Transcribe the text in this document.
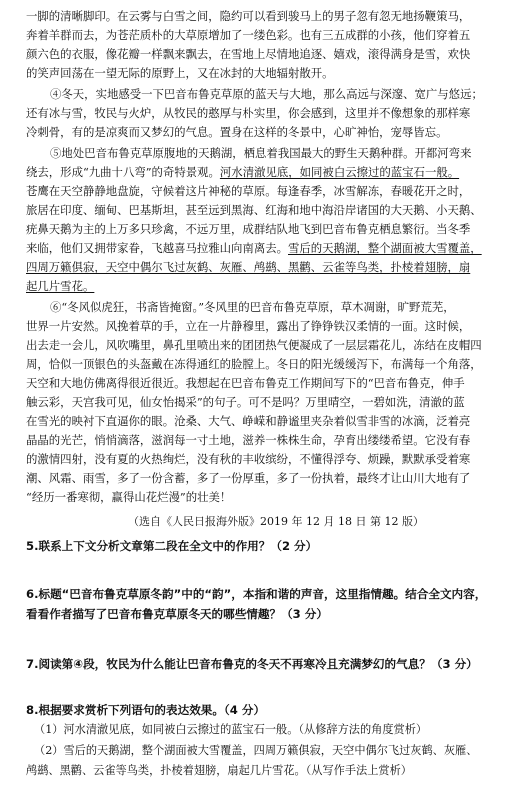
一脚的清晰脚印。在云雾与白雪之间，隐约可以看到骏马上的男子忽有忽无地扬鞭策马，
奔着羊群而去，为苍茫质朴的大草原增加了一缕色彩。也有三五成群的小孩，他们穿着五
颜六色的衣服，像花瓣一样飘来飘去，在雪地上尽情地追逐、嬉戏，滚得满身是雪，欢快
的笑声回荡在一望无际的原野上，又在冰封的大地辐射散开。
④冬天，实地感受一下巴音布鲁克草原的蓝天与大地，那么高远与深邃、宽广与悠远；
还有冰与雪，牧民与火炉，从牧民的憨厚与朴实里，你会感到，这里并不像想象的那样寒
冷刺骨，有的是凉爽而又梦幻的气息。置身在这样的冬景中，心旷神怡，宠辱皆忘。
⑤地处巴音布鲁克草原腹地的天鹅湖，栖息着我国最大的野生天鹅种群。开都河弯来
绕去，形成“九曲十八弯”的奇特景观。河水清澈见底，如同被白云擦过的蓝宝石一般。
苍鹰在天空静静地盘旋，守候着这片神秘的草原。每逢春季，冰雪解冻，春暖花开之时，
旅居在印度、缅甸、巴基斯坦，甚至远到黑海、红海和地中海沿岸诸国的大天鹅、小天鹅、
疣鼻天鹅为主的上万多只珍禽，不远万里，成群结队地飞到巴音布鲁克栖息繁衍。当冬季
来临，他们又拥带家眷，飞越喜马拉雅山向南离去。雪后的天鹅湖，整个湖面被大雪覆盖，
四周万籁俱寂，天空中偶尔飞过灰鹤、灰雁、鸬鹚、黑鹳、云雀等鸟类，扑棱着翅膀，扇
起几片雪花。
⑥“冬风似虎狂，书斋皆掩窗。”冬风里的巴音布鲁克草原，草木凋谢，旷野荒芜，
世界一片安然。风挽着草的手，立在一片静穆里，露出了铮铮铁汉柔情的一面。这时候，
出去走一会儿，风吹嘴里，鼻孔里喷出来的团团热气便凝成了一层层霜花儿，冻结在皮帽四
周，恰似一顶银色的头盔戴在冻得通红的脸膛上。冬日的阳光缓缓泻下，布满每一个角落，
天空和大地仿佛离得很近很近。我想起在巴音布鲁克工作期间写下的“巴音布鲁克，伸手
触云彩，天宫我可见，仙女怡揭采”的句子。可不是吗？万里晴空，一碧如洗，清澈的蓝
在雪光的映衬下直逼你的眼。沧桑、大气、峥嵘和静谧里夹杂着似雪非雪的冰滴，泛着亮
晶晶的光芒，悄悄滴落，滋润每一寸土地，滋养一株株生命，孕育出缕缕希望。它没有春
的激情四射，没有夏的火热绚烂，没有秋的丰收缤纷，不懂得浮夸、烦躁，默默承受着寒
潮、风霜、雨雪，多了一份含蓄，多了一份厚重，多了一份执着，最终才让山川大地有了
“经历一番寒彻，赢得山花烂漫”的壮美！
（选自《人民日报海外版》2019 年 12 月 18 日 第 12 版）
5.联系上下文分析文章第二段在全文中的作用？（2 分）
6.标题“巴音布鲁克草原冬韵”中的“韵”，本指和谐的声音，这里指情趣。结合全文内容，
看看作者描写了巴音布鲁克草原冬天的哪些情趣？（3 分）
7.阅读第④段，牧民为什么能让巴音布鲁克的冬天不再寒冷且充满梦幻的气息？（3 分）
8.根据要求赏析下列语句的表达效果。（4 分）
（1）河水清澈见底，如同被白云擦过的蓝宝石一般。（从修辞方法的角度赏析）
（2）雪后的天鹅湖，整个湖面被大雪覆盖，四周万籁俱寂，天空中偶尔飞过灰鹤、灰雁、
鸬鹚、黑鹳、云雀等鸟类，扑棱着翅膀，扇起几片雪花。（从写作手法上赏析）
